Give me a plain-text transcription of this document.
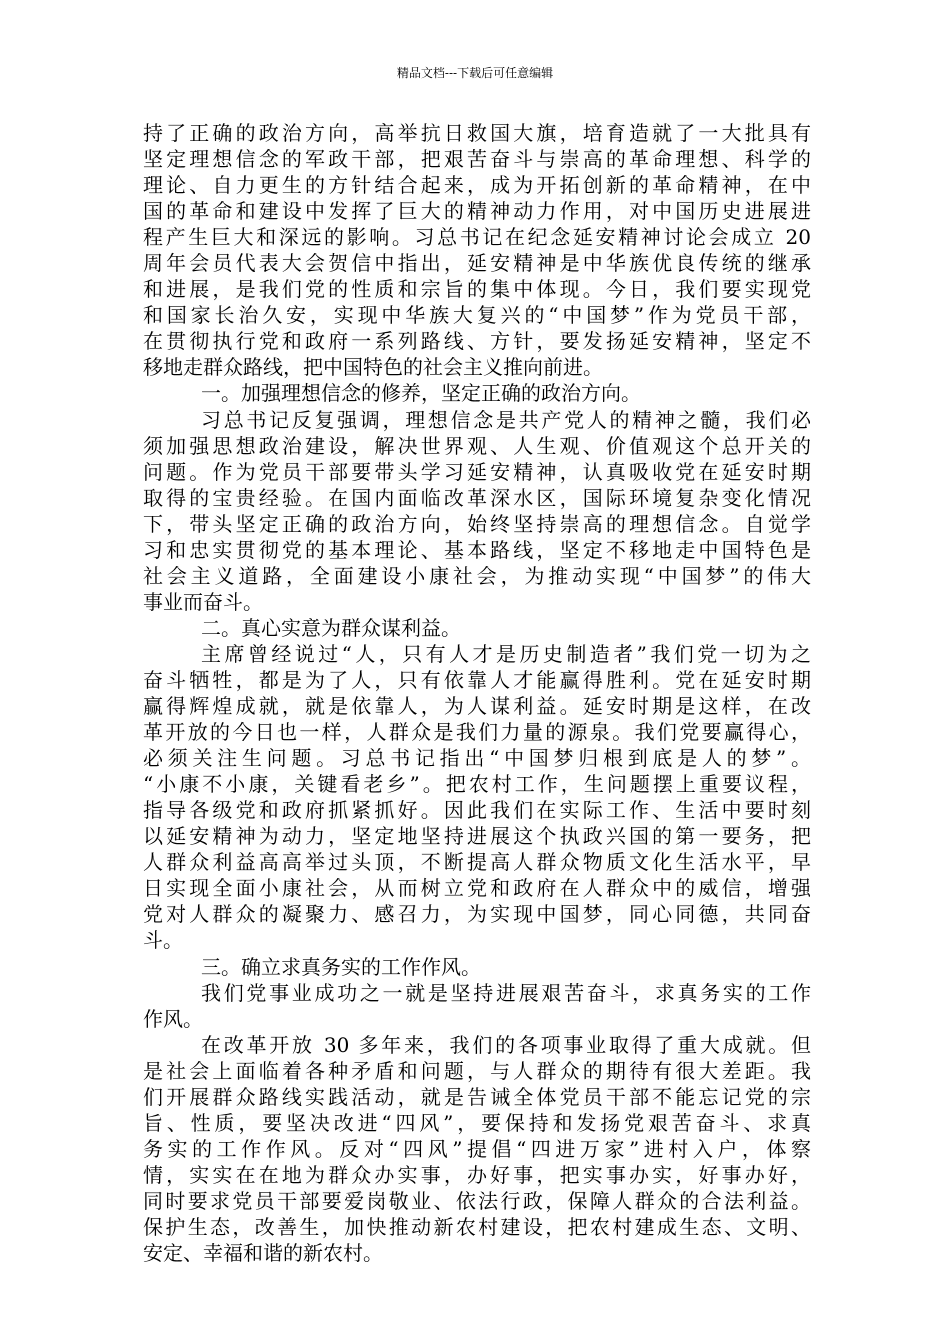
精品文档---下载后可任意编辑
持了正确的政治方向，高举抗日救国大旗，培育造就了一大批具有
坚定理想信念的军政干部，把艰苦奋斗与崇高的革命理想、科学的
理论、自力更生的方针结合起来，成为开拓创新的革命精神，在中
国的革命和建设中发挥了巨大的精神动力作用，对中国历史进展进
程产生巨大和深远的影响。习总书记在纪念延安精神讨论会成立 20
周年会员代表大会贺信中指出，延安精神是中华族优良传统的继承
和进展，是我们党的性质和宗旨的集中体现。今日，我们要实现党
和国家长治久安，实现中华族大复兴的“中国梦”作为党员干部，
在贯彻执行党和政府一系列路线、方针，要发扬延安精神，坚定不
移地走群众路线，把中国特色的社会主义推向前进。
一。加强理想信念的修养，坚定正确的政治方向。
习总书记反复强调，理想信念是共产党人的精神之髓，我们必
须加强思想政治建设，解决世界观、人生观、价值观这个总开关的
问题。作为党员干部要带头学习延安精神，认真吸收党在延安时期
取得的宝贵经验。在国内面临改革深水区，国际环境复杂变化情况
下，带头坚定正确的政治方向，始终坚持崇高的理想信念。自觉学
习和忠实贯彻党的基本理论、基本路线，坚定不移地走中国特色是
社会主义道路，全面建设小康社会，为推动实现“中国梦”的伟大
事业而奋斗。
二。真心实意为群众谋利益。
主席曾经说过“人，只有人才是历史制造者”我们党一切为之
奋斗牺牲，都是为了人，只有依靠人才能赢得胜利。党在延安时期
赢得辉煌成就，就是依靠人，为人谋利益。延安时期是这样，在改
革开放的今日也一样，人群众是我们力量的源泉。我们党要赢得心，
必须关注生问题。习总书记指出“中国梦归根到底是人的梦”。
“小康不小康，关键看老乡”。把农村工作，生问题摆上重要议程，
指导各级党和政府抓紧抓好。因此我们在实际工作、生活中要时刻
以延安精神为动力，坚定地坚持进展这个执政兴国的第一要务，把
人群众利益高高举过头顶，不断提高人群众物质文化生活水平，早
日实现全面小康社会，从而树立党和政府在人群众中的威信，增强
党对人群众的凝聚力、感召力，为实现中国梦，同心同德，共同奋
斗。
三。确立求真务实的工作作风。
我们党事业成功之一就是坚持进展艰苦奋斗，求真务实的工作
作风。
在改革开放 30 多年来，我们的各项事业取得了重大成就。但
是社会上面临着各种矛盾和问题，与人群众的期待有很大差距。我
们开展群众路线实践活动，就是告诫全体党员干部不能忘记党的宗
旨、性质，要坚决改进“四风”，要保持和发扬党艰苦奋斗、求真
务实的工作作风。反对“四风”提倡“四进万家”进村入户，体察
情，实实在在地为群众办实事，办好事，把实事办实，好事办好，
同时要求党员干部要爱岗敬业、依法行政，保障人群众的合法利益。
保护生态，改善生，加快推动新农村建设，把农村建成生态、文明、
安定、幸福和谐的新农村。
